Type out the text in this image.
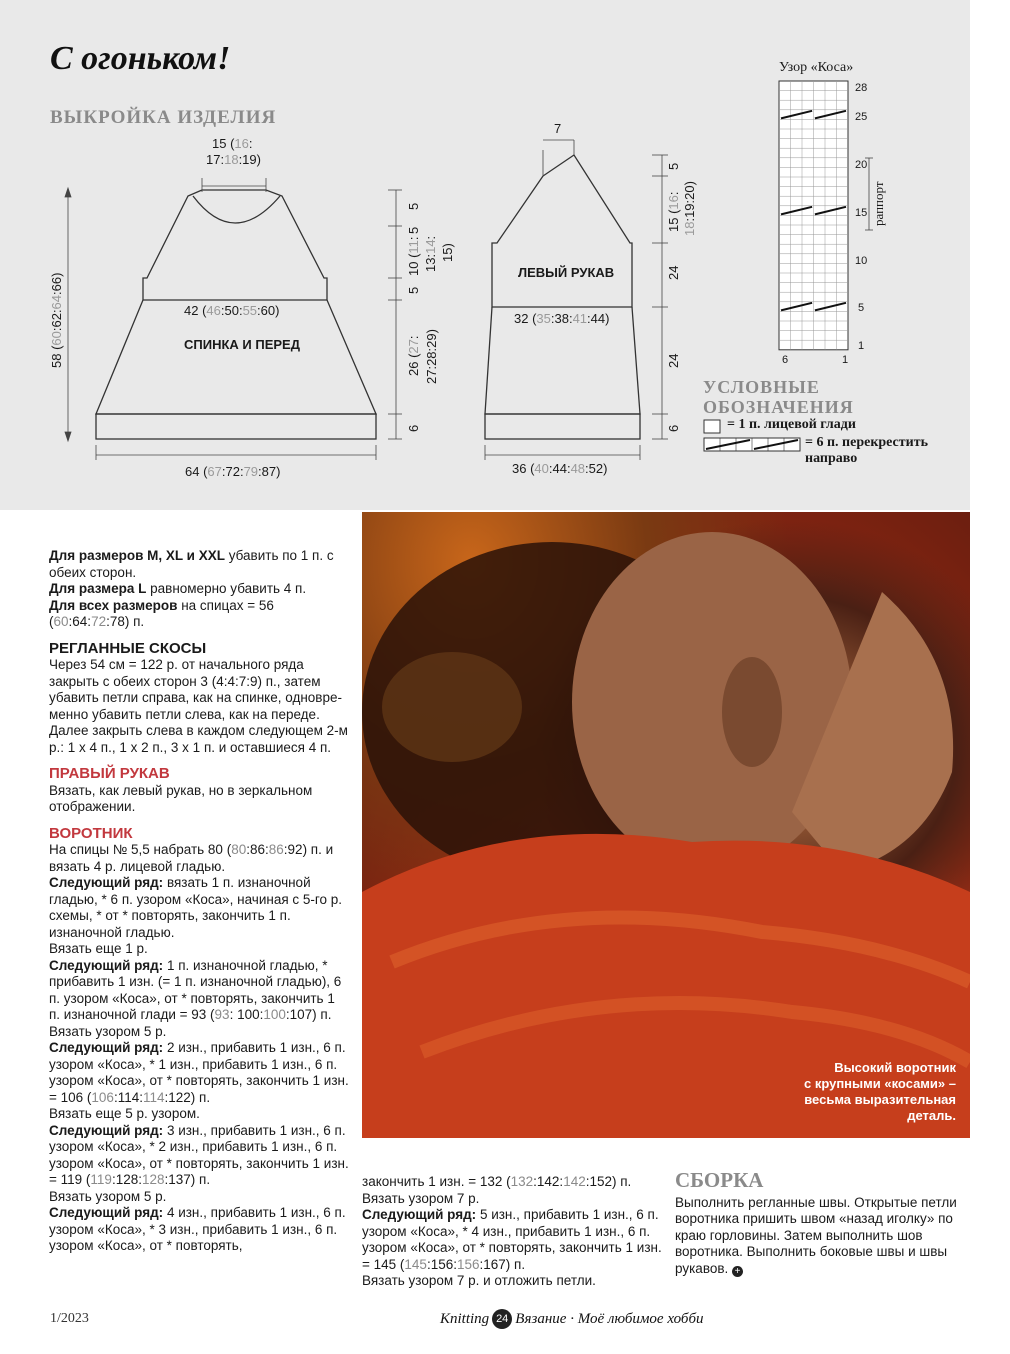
С огоньком!
ВЫКРОЙКА ИЗДЕЛИЯ
15 (16:
17:18:19)
42 (46:50:55:60)
СПИНКА И ПЕРЕД
64 (67:72:79:87)
58 (60:62:64:66)
5
5
5
10 (11:
13:14:
15)
26 (27:
27:28:29)
6
7
ЛЕВЫЙ РУКАВ
32 (35:38:41:44)
36 (40:44:48:52)
5
15 (16:
18:19:20)
24
24
6
Узор «Коса»
28
25
20
15
10
5
1
6	1
раппорт
УСЛОВНЫЕ
ОБОЗНАЧЕНИЯ
= 1 п. лицевой глади
= 6 п. перекрестить
направо
Высокий воротник
с крупными «косами» –
весьма выразительная
деталь.

Для размеров М, XL и XXL убавить по 1 п. с обеих сторон.

Для размера L равномерно убавить 4 п.

Для всех размеров на спицах = 56 (60:64:72:78) п.

РЕГЛАННЫЕ СКОСЫ

Через 54 см = 122 р. от начального ряда закрыть с обеих сторон 3 (4:4:7:9) п., затем убавить петли справа, как на спинке, одновре-менно убавить петли слева, как на переде. Далее закрыть слева в каждом следующем 2-м р.: 1 х 4 п., 1 х 2 п., 3 х 1 п. и оставшиеся 4 п.

ПРАВЫЙ РУКАВ

Вязать, как левый рукав, но в зеркальном отображении.

ВОРОТНИК

На спицы № 5,5 набрать 80 (80:86:86:92) п. и вязать 4 р. лицевой гладью.

Следующий ряд: вязать 1 п. изнаночной гладью, * 6 п. узором «Коса», начиная с 5-го р. схемы, * от * повторять, закончить 1 п. изнаночной гладью.

Вязать еще 1 р.

Следующий ряд: 1 п. изнаночной гладью, * прибавить 1 изн. (= 1 п. изнаночной гладью), 6 п. узором «Коса», от * повторять, закончить 1 п. изнаночной глади = 93 (93: 100:100:107) п.

Вязать узором 5 р.

Следующий ряд: 2 изн., прибавить 1 изн., 6 п. узором «Коса», * 1 изн., прибавить 1 изн., 6 п. узором «Коса», от * повторять, закончить 1 изн. = 106 (106:114:114:122) п.

Вязать еще 5 р. узором.

Следующий ряд: 3 изн., прибавить 1 изн., 6 п. узором «Коса», * 2 изн., прибавить 1 изн., 6 п. узором «Коса», от * повторять, закончить 1 изн. = 119 (119:128:128:137) п.

Вязать узором 5 р.

Следующий ряд: 4 изн., прибавить 1 изн., 6 п. узором «Коса», * 3 изн., прибавить 1 изн., 6 п. узором «Коса», от * повторять,

закончить 1 изн. = 132 (132:142:142:152) п.

Вязать узором 7 р.

Следующий ряд: 5 изн., прибавить 1 изн., 6 п. узором «Коса», * 4 изн., прибавить 1 изн., 6 п. узором «Коса», от * повторять, закончить 1 изн. = 145 (145:156:156:167) п.

Вязать узором 7 р. и отложить петли.

СБОРКА

Выполнить регланные швы. Открытые петли воротника пришить швом «назад иголку» по краю горловины. Затем выполнить шов воротника. Выполнить боковые швы и швы рукавов. +

1/2023	Knitting 24 Вязание · Моё любимое хобби
